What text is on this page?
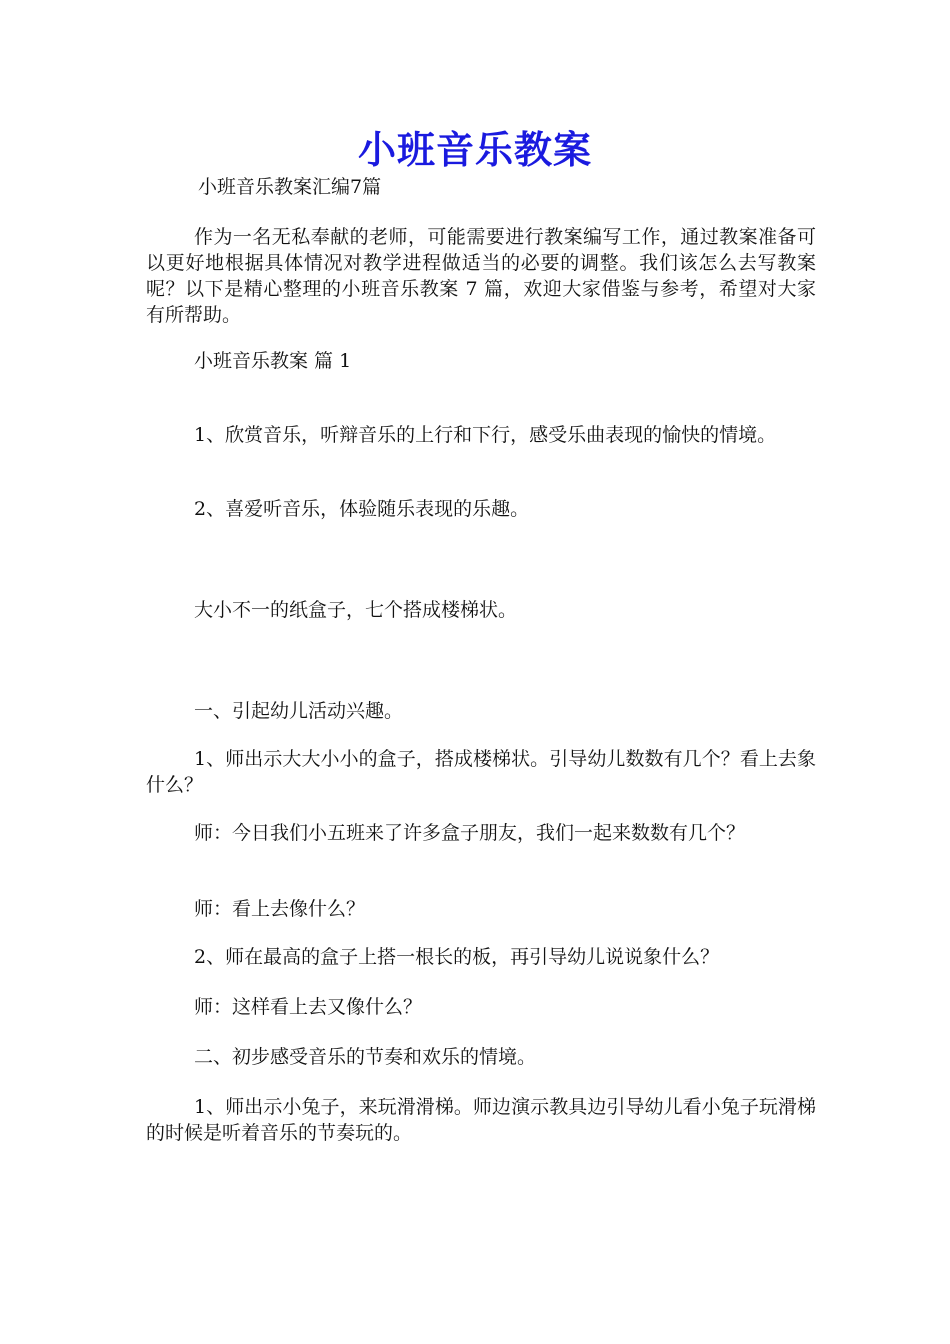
小班音乐教案
小班音乐教案汇编7篇

作为一名无私奉献的老师，可能需要进行教案编写工作，通过教案准备可以更好地根据具体情况对教学进程做适当的必要的调整。我们该怎么去写教案呢？以下是精心整理的小班音乐教案 7 篇，欢迎大家借鉴与参考，希望对大家有所帮助。

小班音乐教案 篇 1

1、欣赏音乐，听辩音乐的上行和下行，感受乐曲表现的愉快的情境。

2、喜爱听音乐，体验随乐表现的乐趣。

大小不一的纸盒子，七个搭成楼梯状。

一、引起幼儿活动兴趣。

1、师出示大大小小的盒子，搭成楼梯状。引导幼儿数数有几个？看上去象什么？

师：今日我们小五班来了许多盒子朋友，我们一起来数数有几个？

师：看上去像什么？

2、师在最高的盒子上搭一根长的板，再引导幼儿说说象什么？

师：这样看上去又像什么？

二、初步感受音乐的节奏和欢乐的情境。

1、师出示小兔子，来玩滑滑梯。师边演示教具边引导幼儿看小兔子玩滑梯的时候是听着音乐的节奏玩的。
